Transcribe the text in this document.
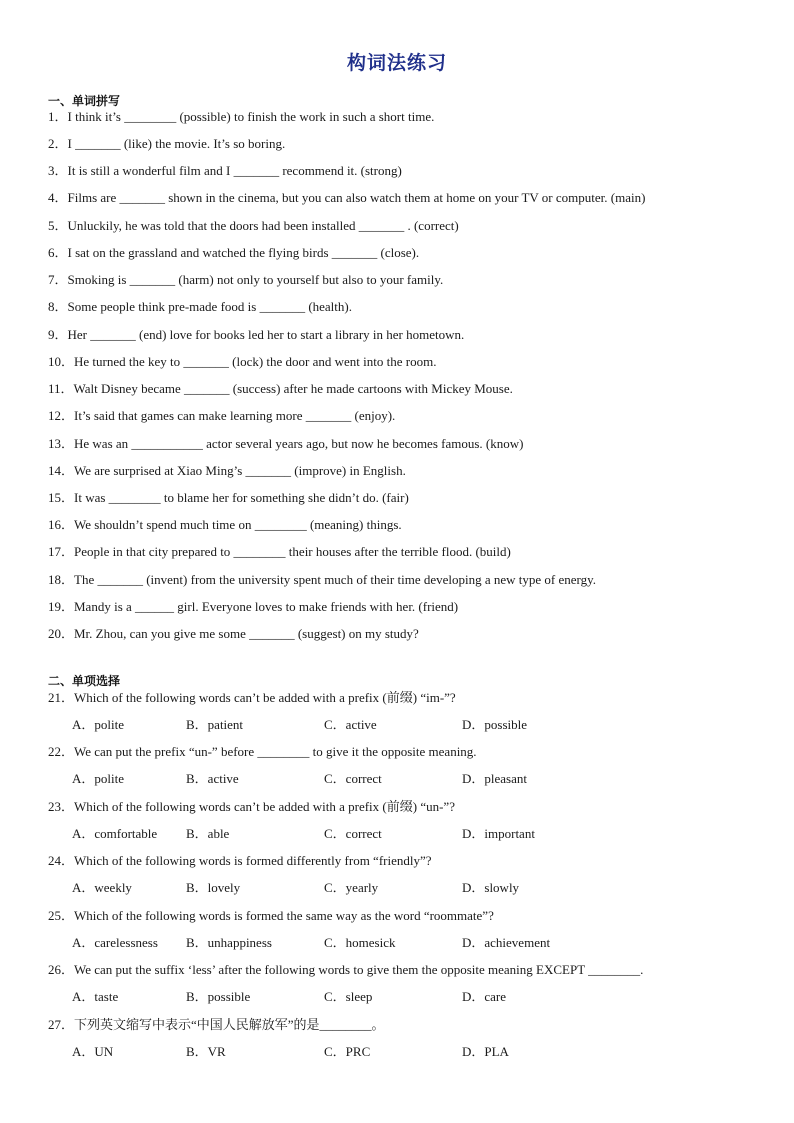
构词法练习
一、单词拼写
1．I think it’s ________ (possible) to finish the work in such a short time.
2．I _______ (like) the movie. It’s so boring.
3．It is still a wonderful film and I _______ recommend it. (strong)
4．Films are _______ shown in the cinema, but you can also watch them at home on your TV or computer. (main)
5．Unluckily, he was told that the doors had been installed _______ . (correct)
6．I sat on the grassland and watched the flying birds _______ (close).
7．Smoking is _______ (harm) not only to yourself but also to your family.
8．Some people think pre-made food is _______ (health).
9．Her _______ (end) love for books led her to start a library in her hometown.
10．He turned the key to _______ (lock) the door and went into the room.
11．Walt Disney became _______ (success) after he made cartoons with Mickey Mouse.
12．It’s said that games can make learning more _______ (enjoy).
13．He was an ___________ actor several years ago, but now he becomes famous. (know)
14．We are surprised at Xiao Ming’s _______ (improve) in English.
15．It was ________ to blame her for something she didn’t do. (fair)
16．We shouldn’t spend much time on ________ (meaning) things.
17．People in that city prepared to ________ their houses after the terrible flood. (build)
18．The _______ (invent) from the university spent much of their time developing a new type of energy.
19．Mandy is a ______ girl. Everyone loves to make friends with her. (friend)
20．Mr. Zhou, can you give me some _______ (suggest) on my study?
二、单项选择
21．Which of the following words can’t be added with a prefix (前缀) “im-”?
A．polite	B．patient	C．active	D．possible
22．We can put the prefix “un-” before ________ to give it the opposite meaning.
A．polite	B．active	C．correct	D．pleasant
23．Which of the following words can’t be added with a prefix (前缀) “un-”?
A．comfortable B．able	C．correct	D．important
24．Which of the following words is formed differently from “friendly”?
A．weekly	B．lovely	C．yearly	D．slowly
25．Which of the following words is formed the same way as the word “roommate”?
A．carelessness B．unhappiness	C．homesick	D．achievement
26．We can put the suffix ‘less’ after the following words to give them the opposite meaning EXCEPT ________.
A．taste	B．possible	C．sleep	D．care
27．下列英文缩写中表示“中国人民解放军”的是________。
A．UN	B．VR	C．PRC	D．PLA
